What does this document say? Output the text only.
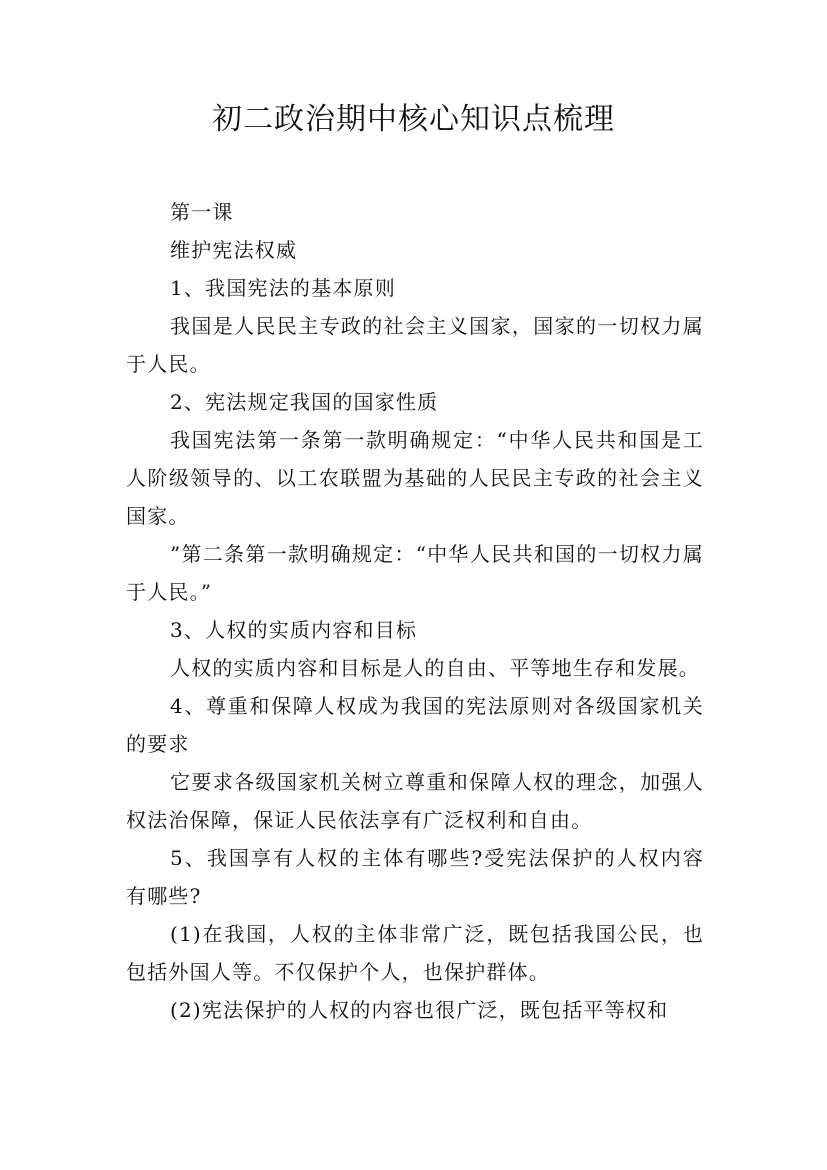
初二政治期中核心知识点梳理

第一课

维护宪法权威

1、我国宪法的基本原则

我国是人民民主专政的社会主义国家，国家的一切权力属于人民。

2、宪法规定我国的国家性质

我国宪法第一条第一款明确规定：“中华人民共和国是工人阶级领导的、以工农联盟为基础的人民民主专政的社会主义国家。

”第二条第一款明确规定：“中华人民共和国的一切权力属于人民。”

3、人权的实质内容和目标

人权的实质内容和目标是人的自由、平等地生存和发展。

4、尊重和保障人权成为我国的宪法原则对各级国家机关的要求

它要求各级国家机关树立尊重和保障人权的理念，加强人权法治保障，保证人民依法享有广泛权利和自由。

5、我国享有人权的主体有哪些?受宪法保护的人权内容有哪些?

(1)在我国，人权的主体非常广泛，既包括我国公民，也包括外国人等。不仅保护个人，也保护群体。

(2)宪法保护的人权的内容也很广泛，既包括平等权和
